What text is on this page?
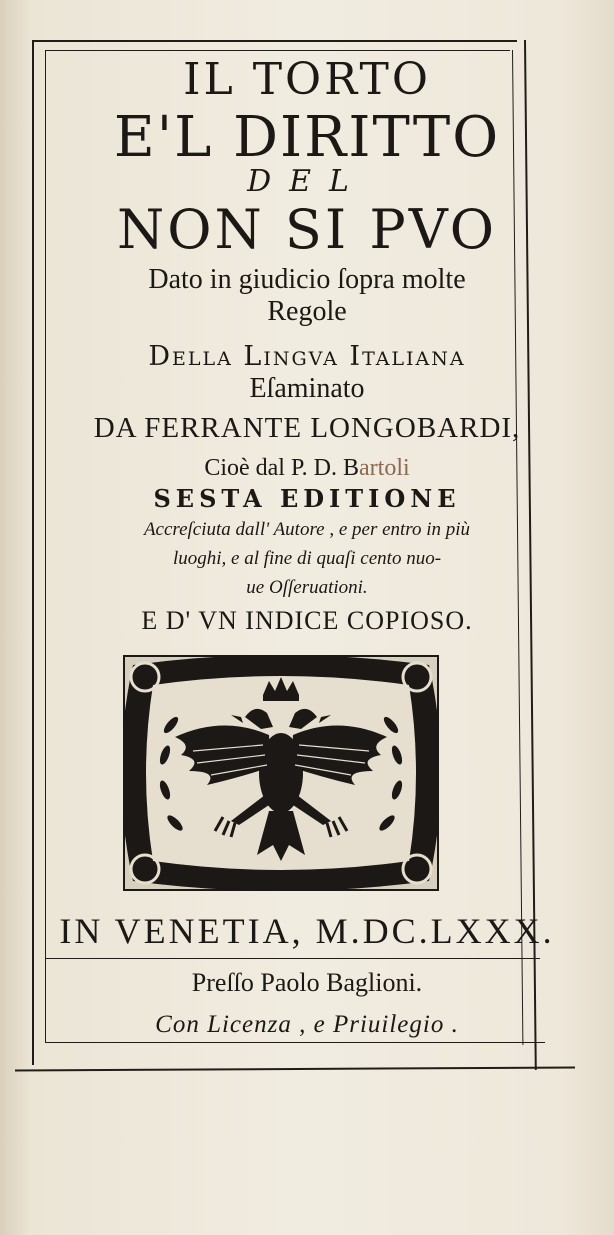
IL TORTO
E'L DIRITTO
DEL
NON SI PVO
Dato in giudicio ſopra molte
Regole
Della Lingva Italiana
Eſaminato
DA FERRANTE LONGOBARDI,
Cioè dal P. D. Bartoli
SESTA EDITIONE
Accreſciuta dall' Autore , e per entro in più
luoghi, e al fine di quaſi cento nuo-
ue Oſſeruationi.
E D' VN INDICE COPIOSO.
IN VENETIA, M.DC.LXXX.
Preſſo Paolo Baglioni.
Con Licenza , e Priuilegio .
